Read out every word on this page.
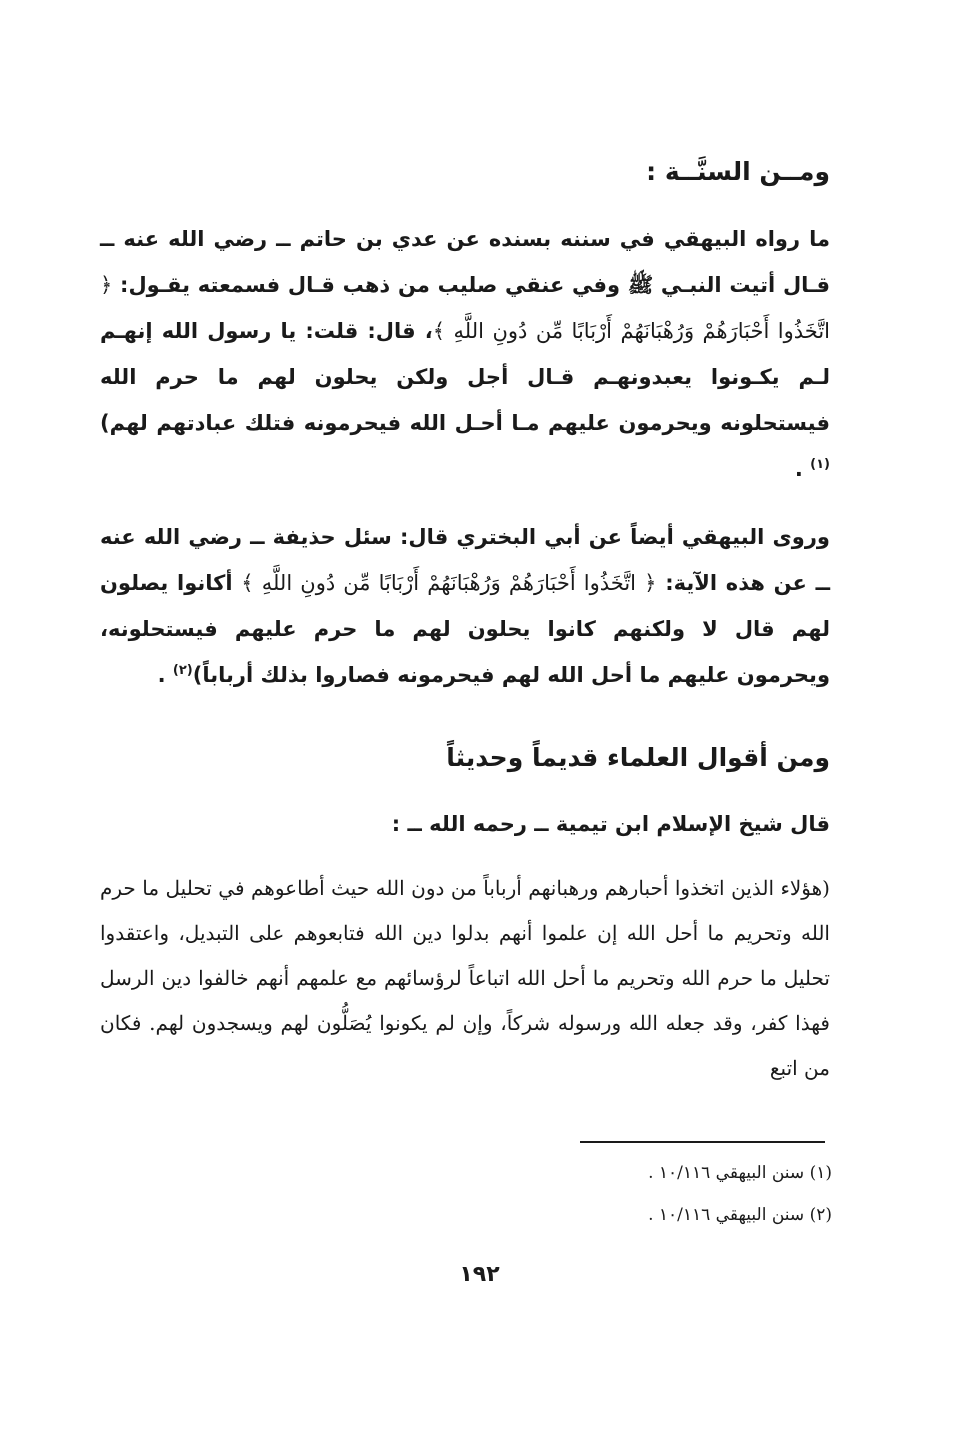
ومــن السنَّــة :

ما رواه البيهقي في سننه بسنده عن عدي بن حاتم ــ رضي الله عنه ــ قـال أتيت النبـي ﷺ وفي عنقي صليب من ذهب قـال فسمعته يقـول: ﴿ اتَّخَذُوا أَحْبَارَهُمْ وَرُهْبَانَهُمْ أَرْبَابًا مِّن دُونِ اللَّهِ ﴾، قال: قلت: يا رسول الله إنهـم لـم يكـونوا يعبدونهـم قـال أجل ولكن يحلون لهم ما حرم الله فيستحلونه ويحرمون عليهم مـا أحـل الله فيحرمونه فتلك عبادتهم لهم)$^{(١)}$ .

وروى البيهقي أيضاً عن أبي البختري قال: سئل حذيفة ــ رضي الله عنه ــ عن هذه الآية: ﴿ اتَّخَذُوا أَحْبَارَهُمْ وَرُهْبَانَهُمْ أَرْبَابًا مِّن دُونِ اللَّهِ ﴾ أكانوا يصلون لهم قال لا ولكنهم كانوا يحلون لهم ما حرم عليهم فيستحلونه، ويحرمون عليهم ما أحل الله لهم فيحرمونه فصاروا بذلك أرباباً)$^{(٢)}$ .

ومن أقوال العلماء قديماً وحديثاً
قال شيخ الإسلام ابن تيمية ــ رحمه الله ــ :

(هؤلاء الذين اتخذوا أحبارهم ورهبانهم أرباباً من دون الله حيث أطاعوهم في تحليل ما حرم الله وتحريم ما أحل الله إن علموا أنهم بدلوا دين الله فتابعوهم على التبديل، واعتقدوا تحليل ما حرم الله وتحريم ما أحل الله اتباعاً لرؤسائهم مع علمهم أنهم خالفوا دين الرسل فهذا كفر، وقد جعله الله ورسوله شركاً، وإن لم يكونوا يُصَلُّون لهم ويسجدون لهم. فكان من اتبع

(١) سنن البيهقي ١٠/١١٦ .
(٢) سنن البيهقي ١٠/١١٦ .
١٩٢
